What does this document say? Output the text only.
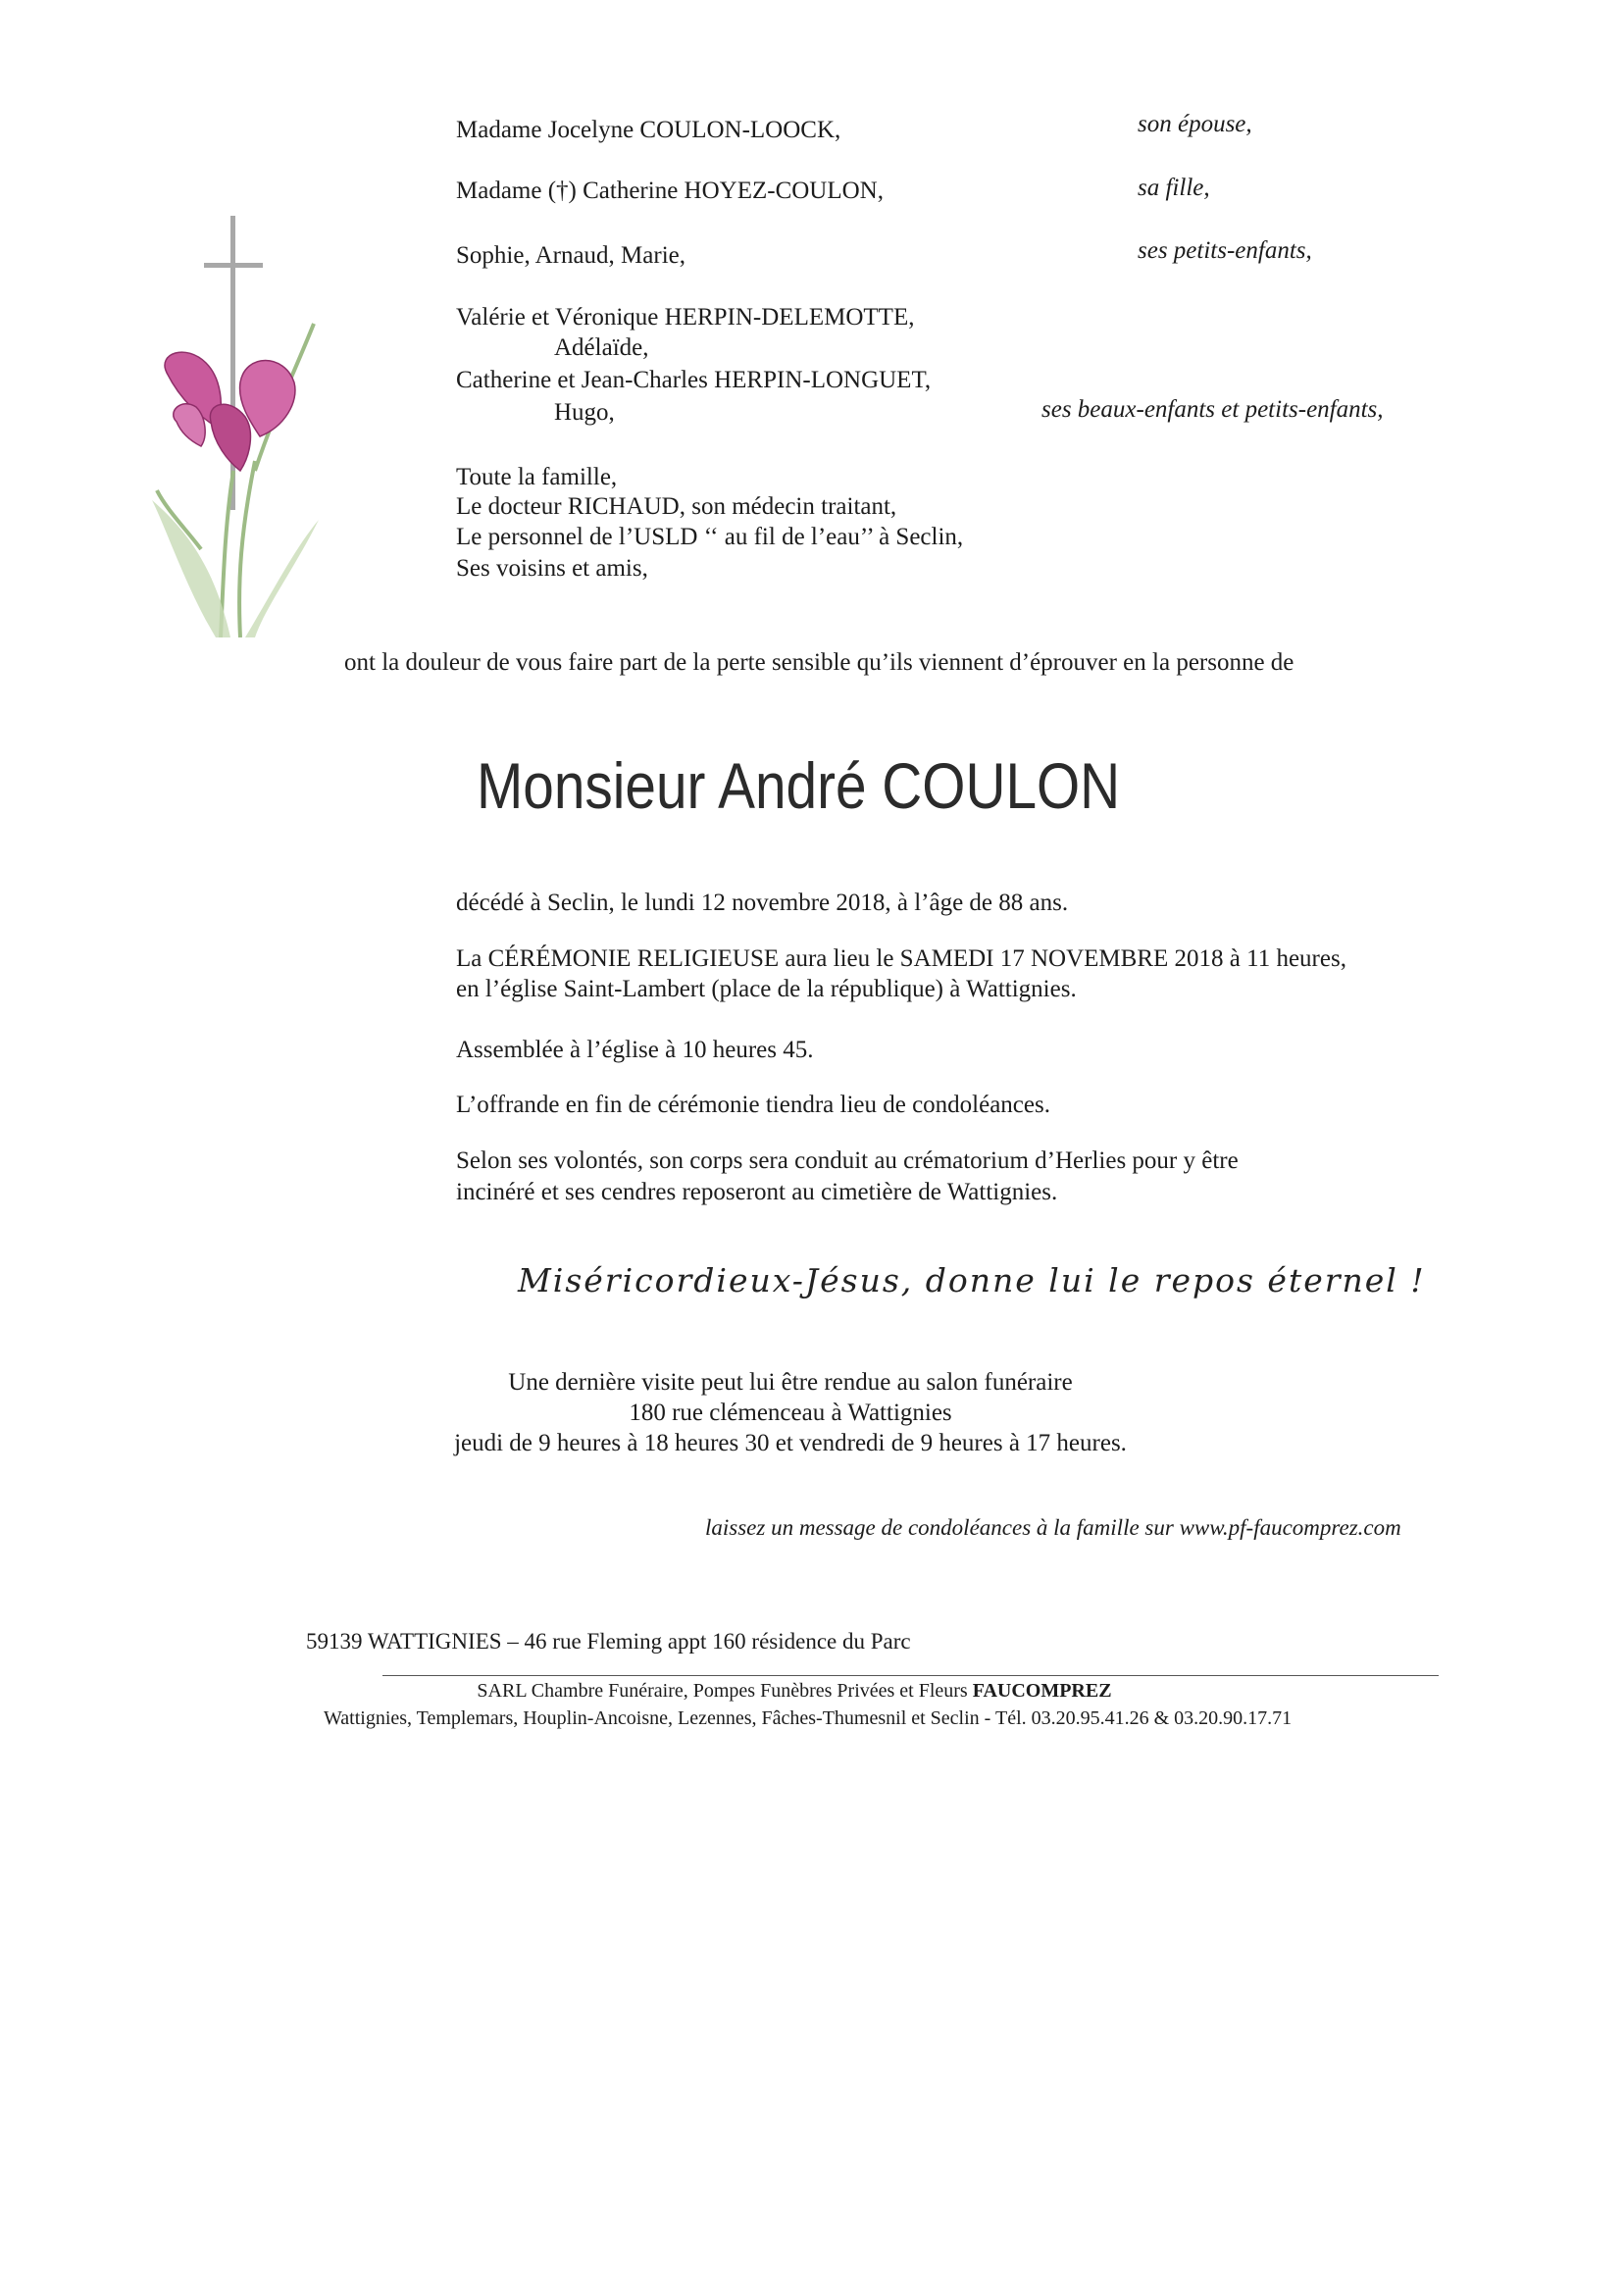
Madame Jocelyne COULON-LOOCK,	son épouse,
Madame (†) Catherine HOYEZ-COULON,	sa fille,
Sophie, Arnaud, Marie,	ses petits-enfants,
Valérie et Véronique HERPIN-DELEMOTTE,
Adélaïde,
Catherine et Jean-Charles HERPIN-LONGUET,
Hugo,	ses beaux-enfants et petits-enfants,
Toute la famille,
Le docteur RICHAUD, son médecin traitant,
Le personnel de l’USLD ‘‘ au fil de l’eau’’ à Seclin,
Ses voisins et amis,
ont la douleur de vous faire part de la perte sensible qu’ils viennent d’éprouver en la personne de
Monsieur André COULON
décédé à Seclin, le lundi 12 novembre 2018, à l’âge de 88 ans.
La CÉRÉMONIE RELIGIEUSE aura lieu le SAMEDI 17 NOVEMBRE 2018 à 11 heures,
en l’église Saint-Lambert (place de la république) à Wattignies.
Assemblée à l’église à 10 heures 45.
L’offrande en fin de cérémonie tiendra lieu de condoléances.
Selon ses volontés, son corps sera conduit au crématorium d’Herlies pour y être
incinéré et ses cendres reposeront au cimetière de Wattignies.
Miséricordieux-Jésus, donne lui le repos éternel !
Une dernière visite peut lui être rendue au salon funéraire
180 rue clémenceau à Wattignies
jeudi de 9 heures à 18 heures 30 et vendredi de 9 heures à 17 heures.
laissez un message de condoléances à la famille sur www.pf-faucomprez.com
59139 WATTIGNIES – 46 rue Fleming appt 160 résidence du Parc
SARL Chambre Funéraire, Pompes Funèbres Privées et Fleurs FAUCOMPREZ
Wattignies, Templemars, Houplin-Ancoisne, Lezennes, Fâches-Thumesnil et Seclin - Tél. 03.20.95.41.26 & 03.20.90.17.71
